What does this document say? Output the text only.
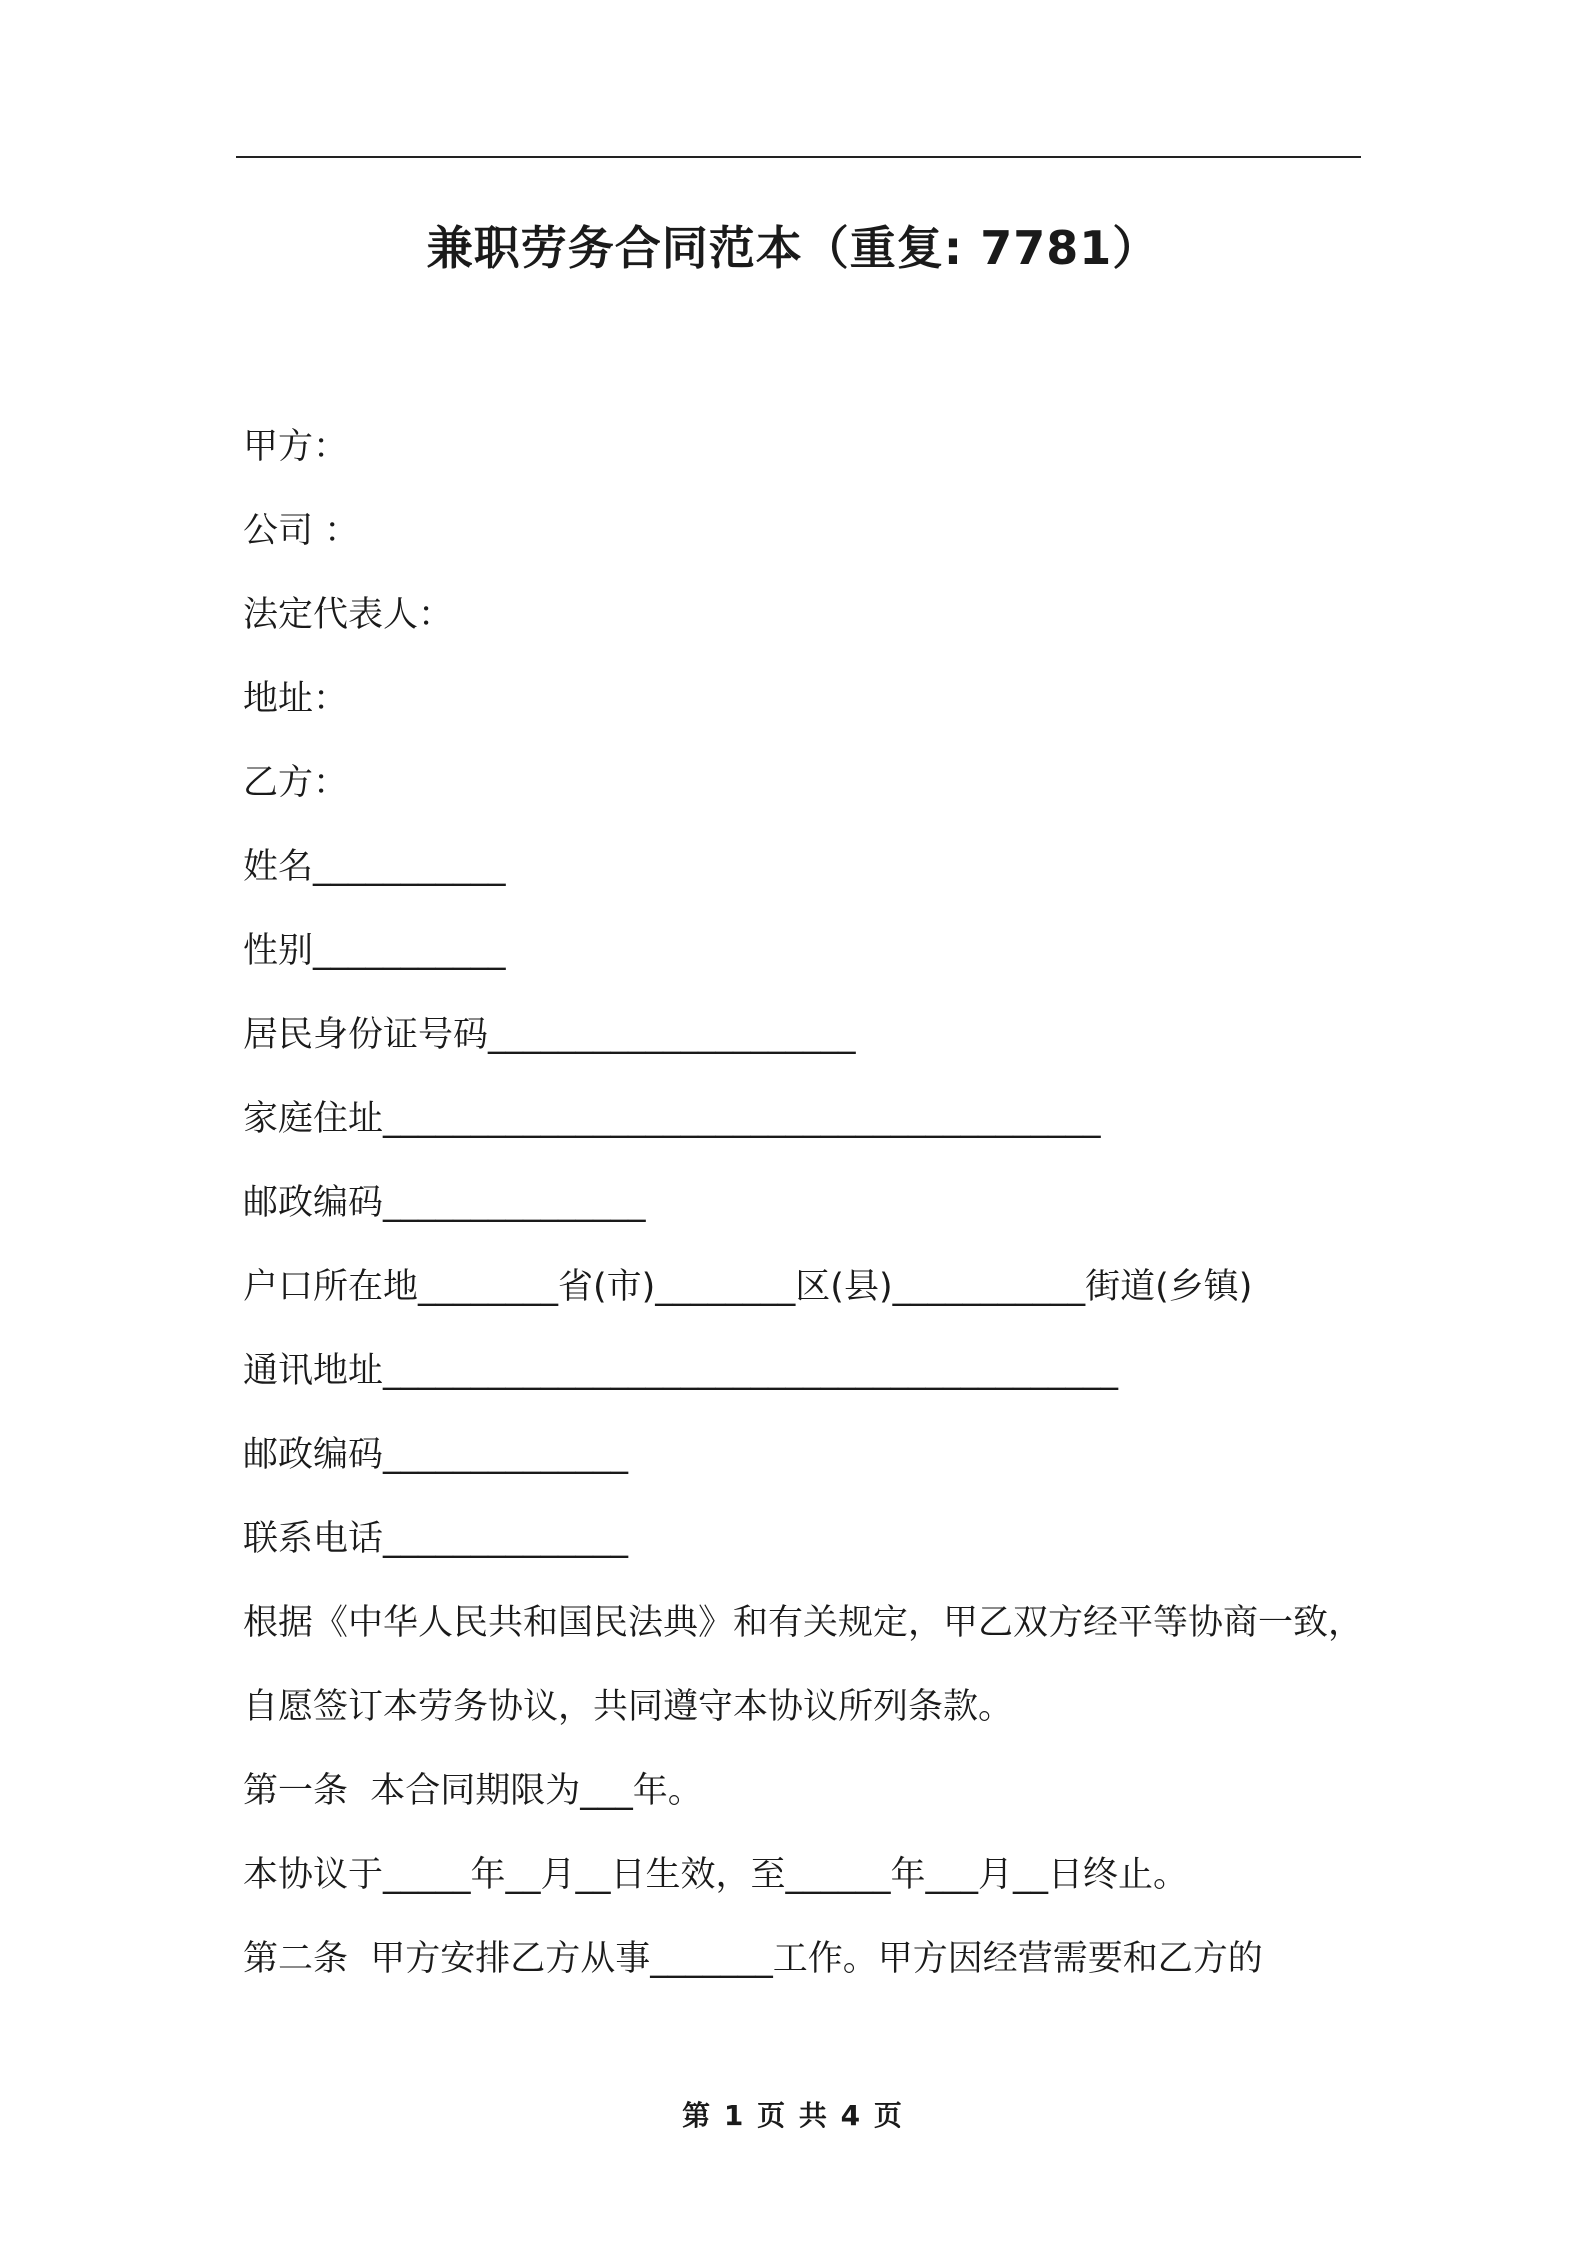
兼职劳务合同范本（重复: 7781）
甲方：
公司 ：
法定代表人：
地址：
乙方：
姓名___________
性别___________
居民身份证号码_____________________
家庭住址_________________________________________
邮政编码_______________
户口所在地________省(市)________区(县)___________街道(乡镇)
通讯地址__________________________________________
邮政编码______________
联系电话______________
根据《中华人民共和国民法典》和有关规定，甲乙双方经平等协商一致，自愿签订本劳务协议，共同遵守本协议所列条款。
第一条  本合同期限为___年。
本协议于_____年__月__日生效，至______年___月__日终止。
第二条  甲方安排乙方从事_______工作。甲方因经营需要和乙方的
第 1 页 共 4 页
